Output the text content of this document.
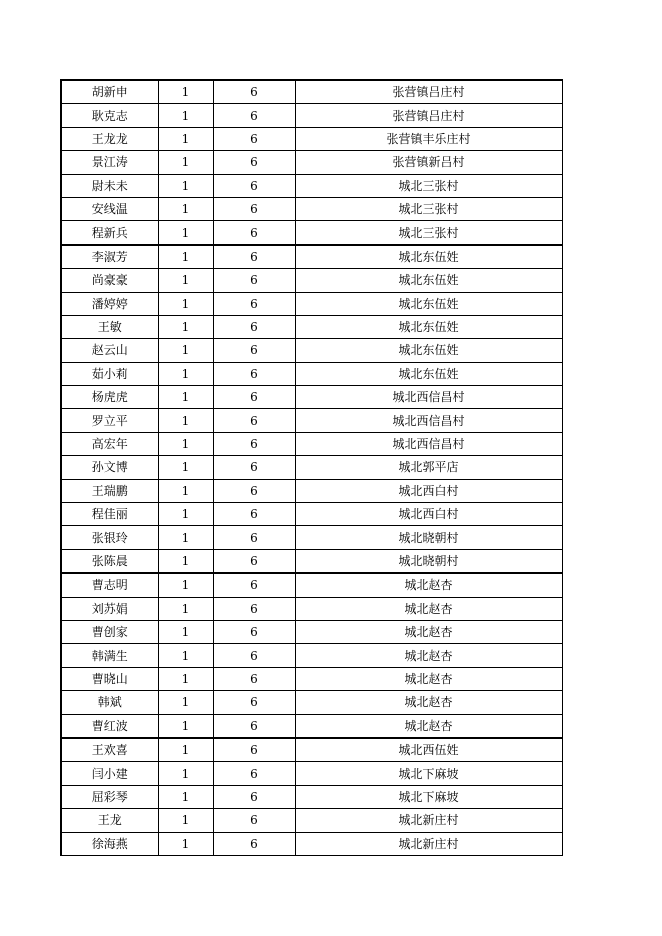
胡新申	1	6	张营镇吕庄村
耿克志	1	6	张营镇吕庄村
王龙龙	1	6	张营镇丰乐庄村
景江涛	1	6	张营镇新吕村
尉未未	1	6	城北三张村
安线温	1	6	城北三张村
程新兵	1	6	城北三张村
李淑芳	1	6	城北东伍姓
尚豪豪	1	6	城北东伍姓
潘婷婷	1	6	城北东伍姓
王敏	1	6	城北东伍姓
赵云山	1	6	城北东伍姓
茹小莉	1	6	城北东伍姓
杨虎虎	1	6	城北西信昌村
罗立平	1	6	城北西信昌村
高宏年	1	6	城北西信昌村
孙文博	1	6	城北郭平店
王瑞鹏	1	6	城北西白村
程佳丽	1	6	城北西白村
张银玲	1	6	城北晓朝村
张陈晨	1	6	城北晓朝村
曹志明	1	6	城北赵杏
刘苏娟	1	6	城北赵杏
曹创家	1	6	城北赵杏
韩满生	1	6	城北赵杏
曹晓山	1	6	城北赵杏
韩斌	1	6	城北赵杏
曹红波	1	6	城北赵杏
王欢喜	1	6	城北西伍姓
闫小建	1	6	城北下麻坡
屈彩琴	1	6	城北下麻坡
王龙	1	6	城北新庄村
徐海燕	1	6	城北新庄村
